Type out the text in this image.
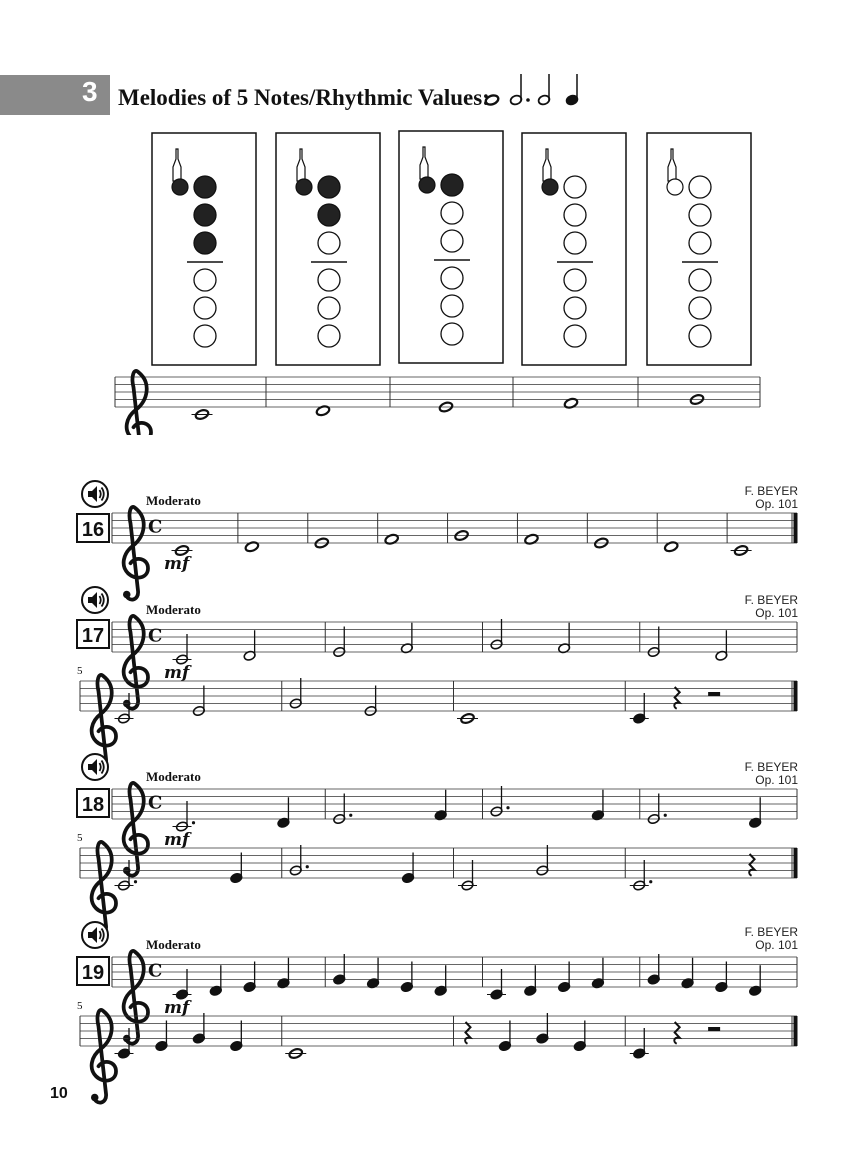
3 Melodies of 5 Notes/Rhythmic Values:
C
mf
16
Moderato
F. BEYER
Op. 101
C
mf
17
Moderato
F. BEYER
Op. 101
5
C
mf
18
Moderato
F. BEYER
Op. 101
5
C
mf
19
Moderato
F. BEYER
Op. 101
5
10
